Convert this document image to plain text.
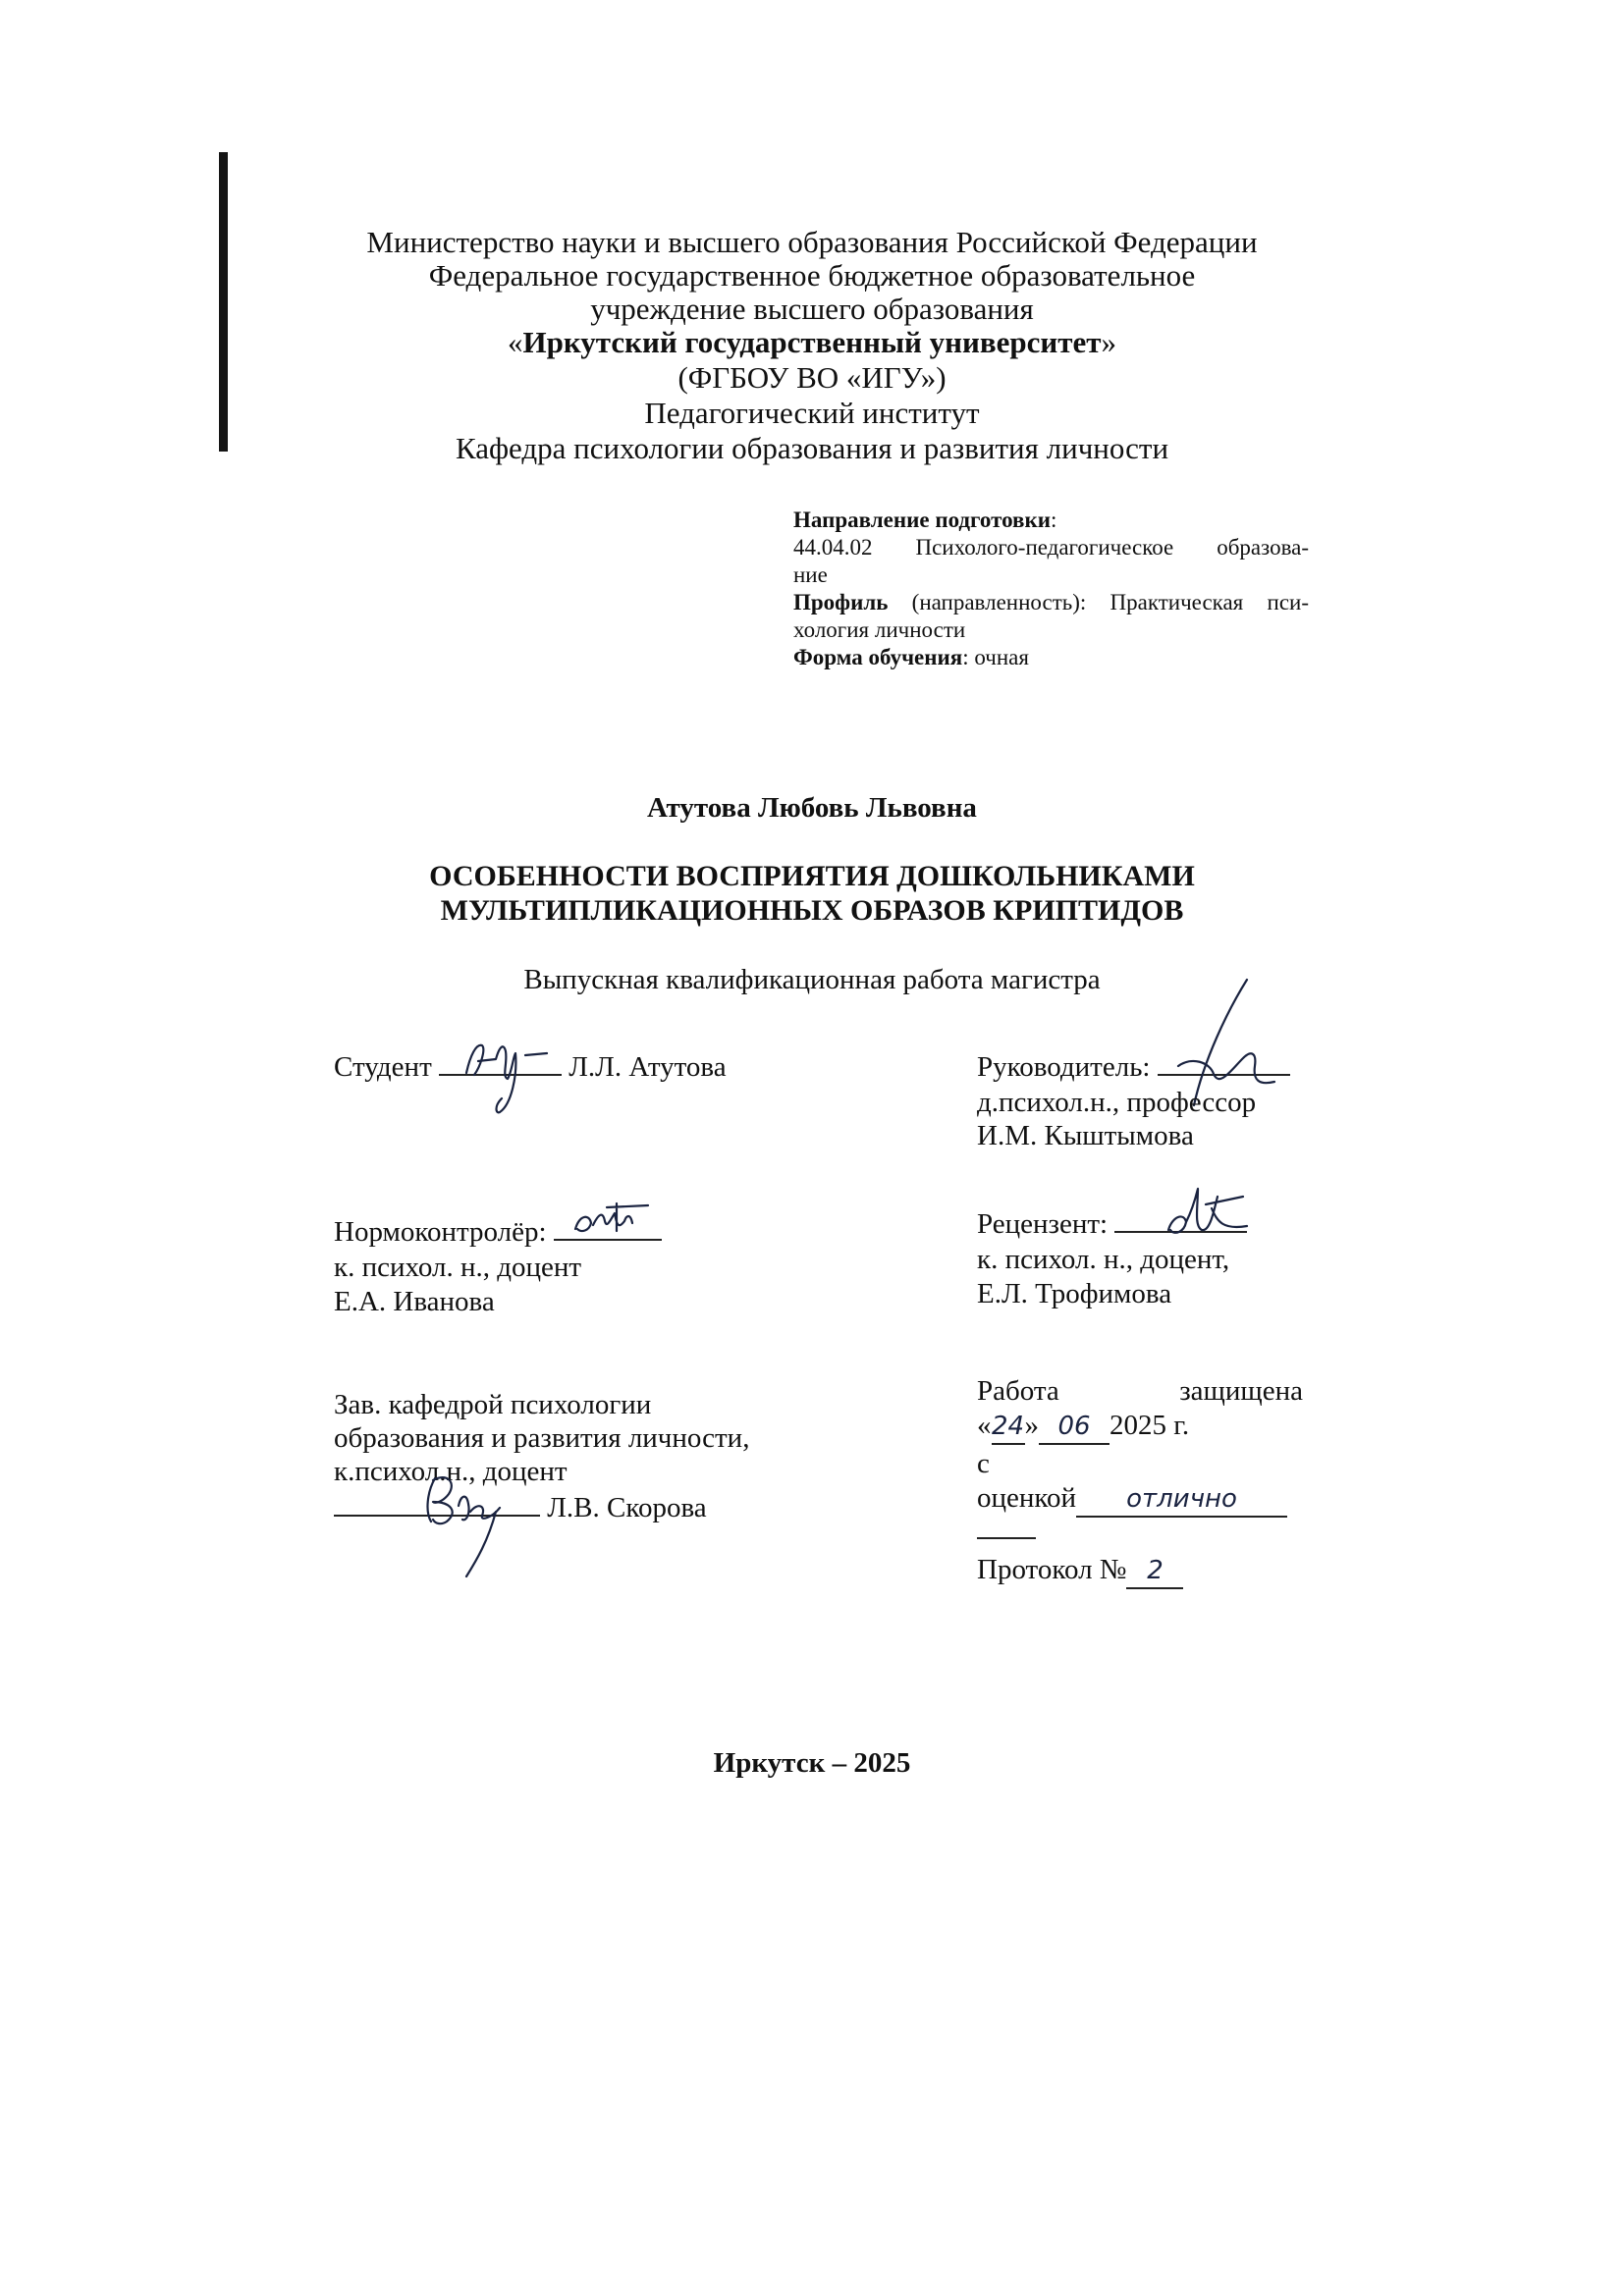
Министерство науки и высшего образования Российской Федерации
Федеральное государственное бюджетное образовательное
учреждение высшего образования
«Иркутский государственный университет»
(ФГБОУ ВО «ИГУ»)
Педагогический институт
Кафедра психологии образования и развития личности
Направление подготовки:
44.04.02 Психолого-педагогическое образова-
ние
Профиль (направленность): Практическая пси-
хология личности
Форма обучения: очная
Атутова Любовь Львовна
ОСОБЕННОСТИ ВОСПРИЯТИЯ ДОШКОЛЬНИКАМИ
МУЛЬТИПЛИКАЦИОННЫХ ОБРАЗОВ КРИПТИДОВ
Выпускная квалификационная работа магистра
Студент	Л.Л. Атутова	Руководитель:
д.психол.н., профессор
И.М. Кыштымова
Нормоконтролёр:
к. психол. н., доцент
Е.А. Иванова
Рецензент:
к. психол. н., доцент,
Е.Л. Трофимова
Зав. кафедрой психологии
образования и развития личности,
к.психол.н., доцент
Л.В. Скорова
Работа	защищена
«24» 06 2025 г.
с
оценкой отлично
Протокол № 2
Иркутск – 2025
